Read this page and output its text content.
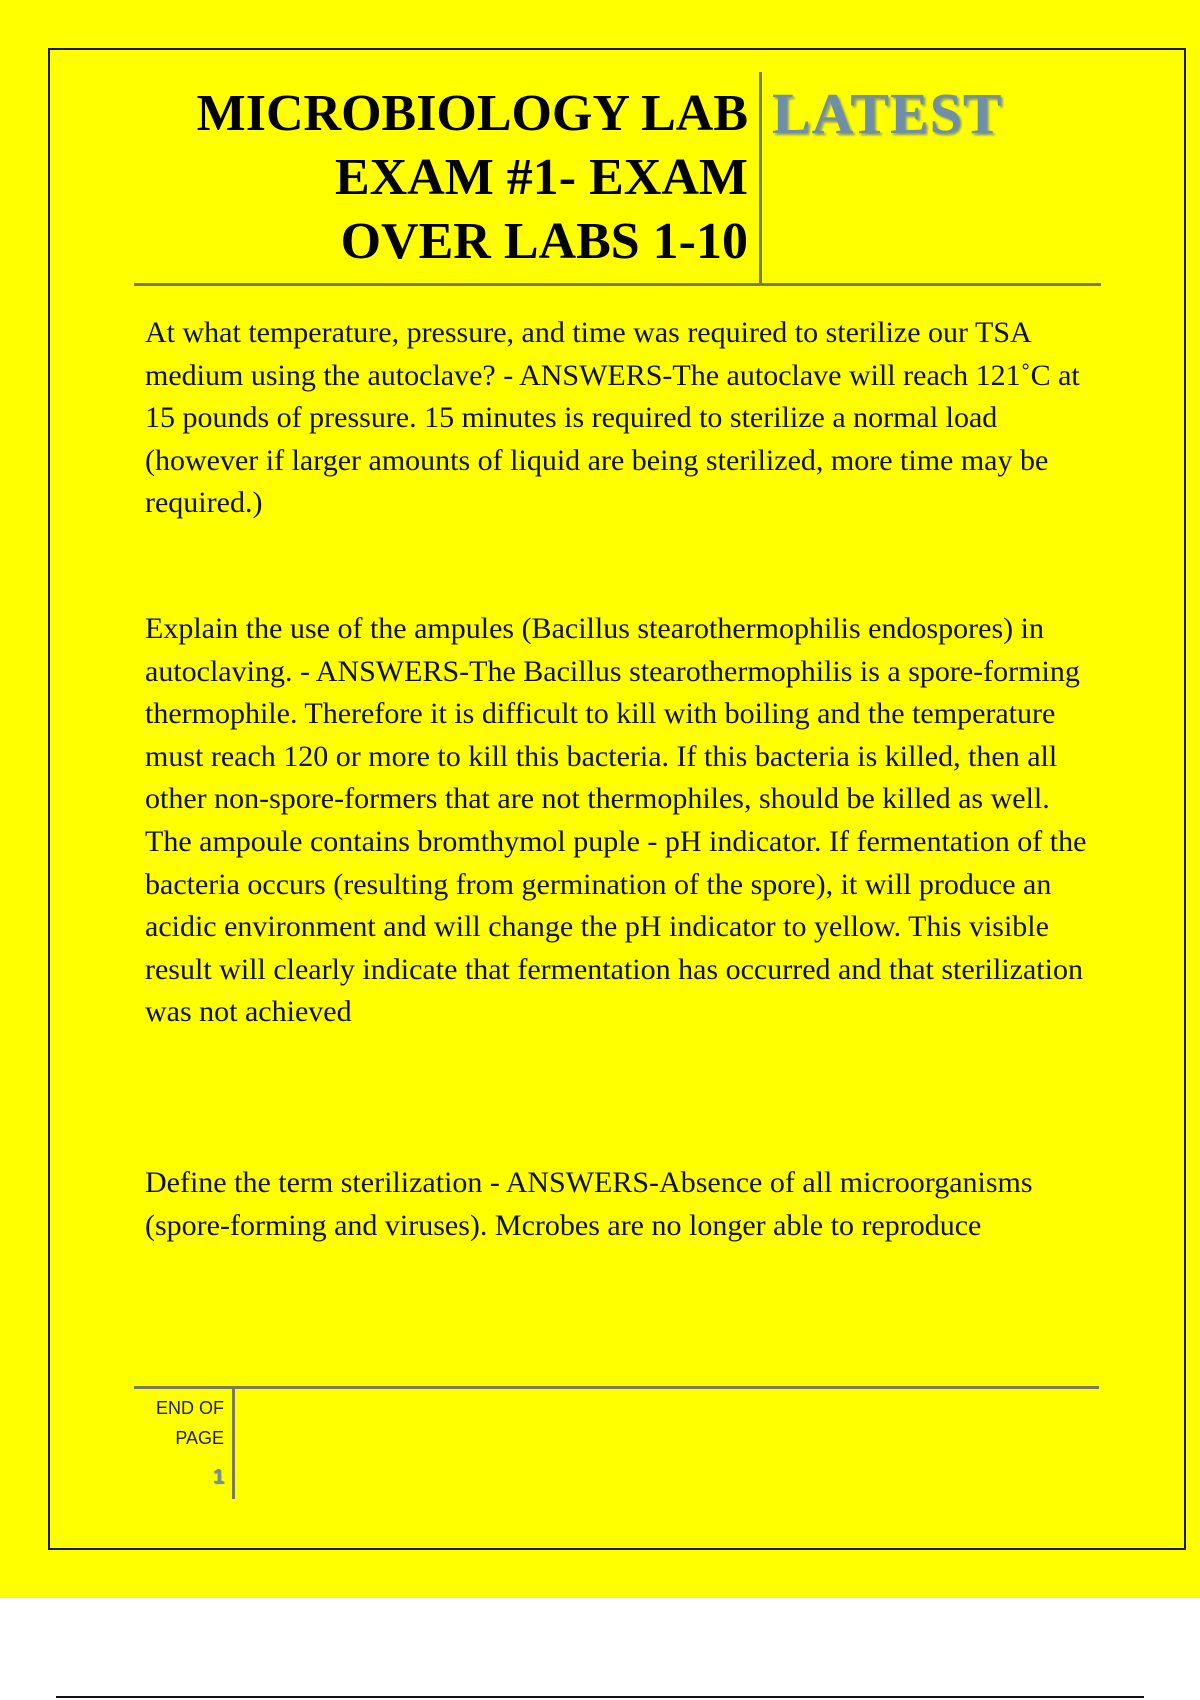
MICROBIOLOGY LAB
EXAM #1- EXAM
OVER LABS 1-10
LATEST

At what temperature, pressure, and time was required to sterilize our TSA medium using the autoclave? - ANSWERS-The autoclave will reach 121˚C at 15 pounds of pressure. 15 minutes is required to sterilize a normal load (however if larger amounts of liquid are being sterilized, more time may be required.)

Explain the use of the ampules (Bacillus stearothermophilis endospores) in autoclaving. - ANSWERS-The Bacillus stearothermophilis is a spore-forming thermophile. Therefore it is difficult to kill with boiling and the temperature must reach 120 or more to kill this bacteria. If this bacteria is killed, then all other non-spore-formers that are not thermophiles, should be killed as well. The ampoule contains bromthymol puple - pH indicator. If fermentation of the bacteria occurs (resulting from germination of the spore), it will produce an acidic environment and will change the pH indicator to yellow. This visible result will clearly indicate that fermentation has occurred and that sterilization was not achieved

Define the term sterilization - ANSWERS-Absence of all microorganisms (spore-forming and viruses). Mcrobes are no longer able to reproduce

END OF
PAGE
1
